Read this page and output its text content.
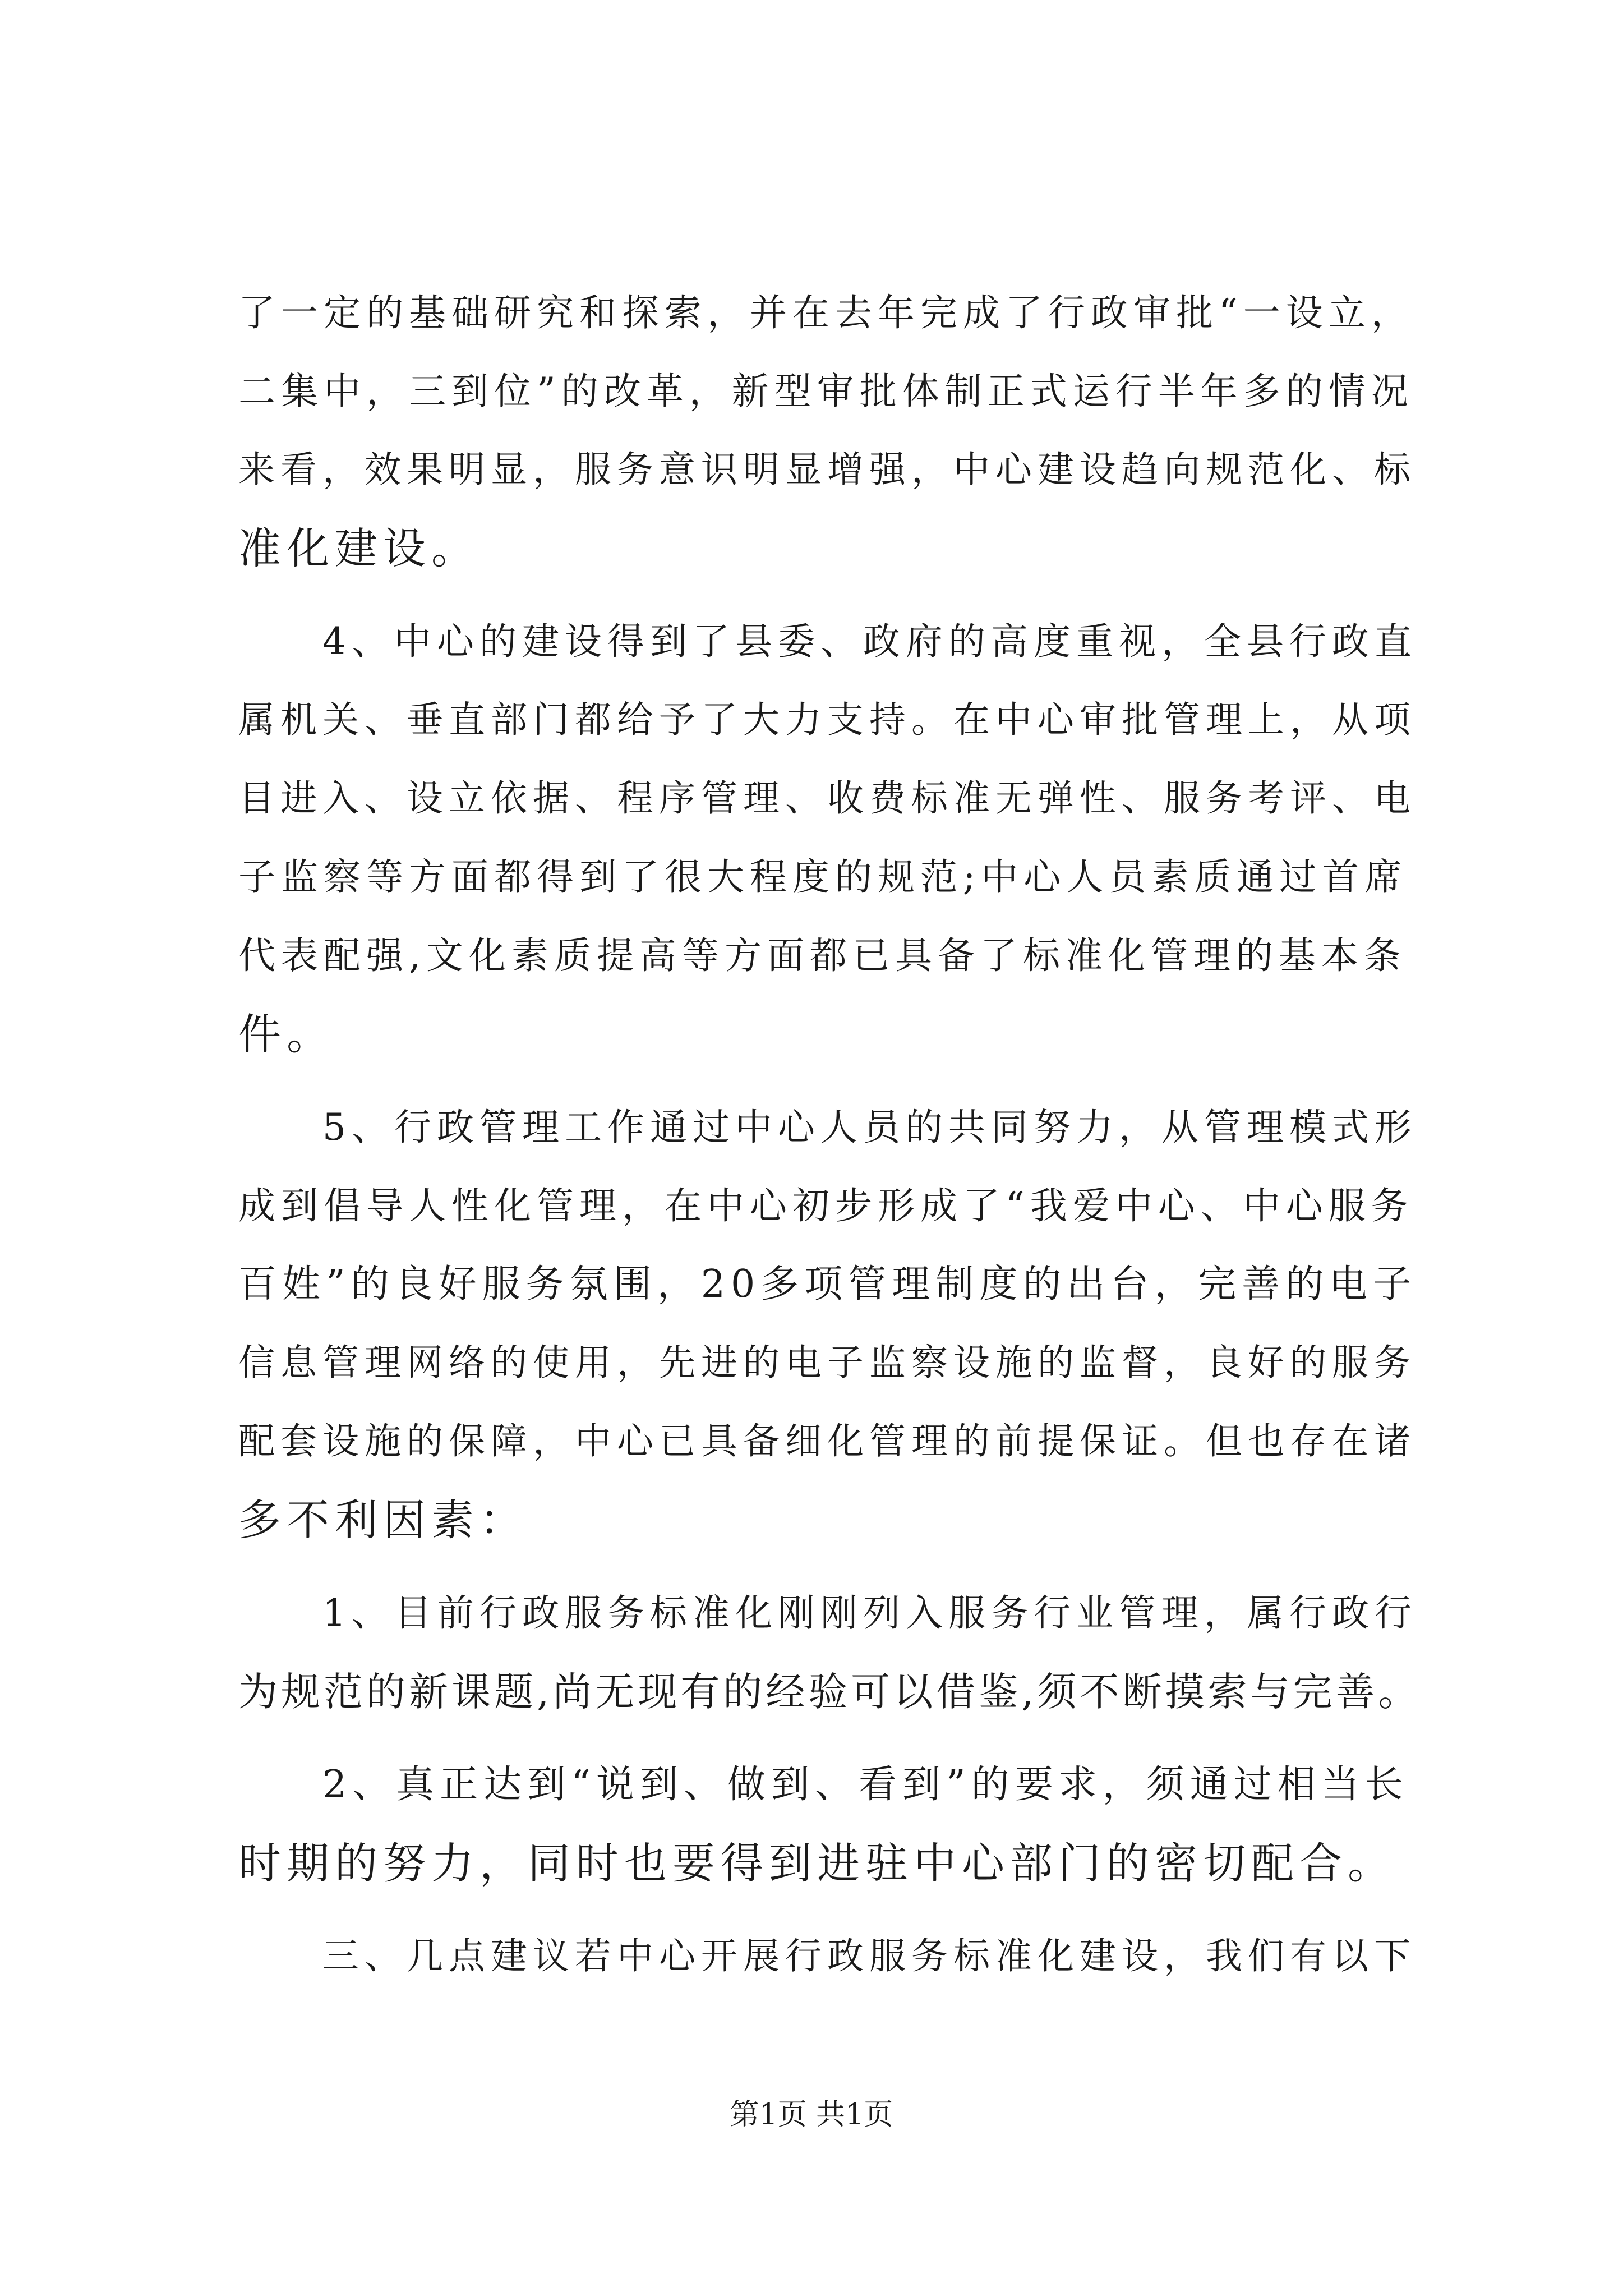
了一定的基础研究和探索，并在去年完成了行政审批“一设立，
二集中，三到位”的改革，新型审批体制正式运行半年多的情况
来看，效果明显，服务意识明显增强，中心建设趋向规范化、标
准化建设。
4、中心的建设得到了县委、政府的高度重视，全县行政直
属机关、垂直部门都给予了大力支持。在中心审批管理上，从项
目进入、设立依据、程序管理、收费标准无弹性、服务考评、电
子监察等方面都得到了很大程度的规范;中心人员素质通过首席
代表配强,文化素质提高等方面都已具备了标准化管理的基本条
件。
5、行政管理工作通过中心人员的共同努力，从管理模式形
成到倡导人性化管理，在中心初步形成了“我爱中心、中心服务
百姓”的良好服务氛围，20多项管理制度的出台，完善的电子
信息管理网络的使用，先进的电子监察设施的监督，良好的服务
配套设施的保障，中心已具备细化管理的前提保证。但也存在诸
多不利因素：
1、目前行政服务标准化刚刚列入服务行业管理，属行政行
为规范的新课题,尚无现有的经验可以借鉴,须不断摸索与完善。
2、真正达到“说到、做到、看到”的要求，须通过相当长
时期的努力，同时也要得到进驻中心部门的密切配合。
三、几点建议若中心开展行政服务标准化建设，我们有以下
第1页 共1页
